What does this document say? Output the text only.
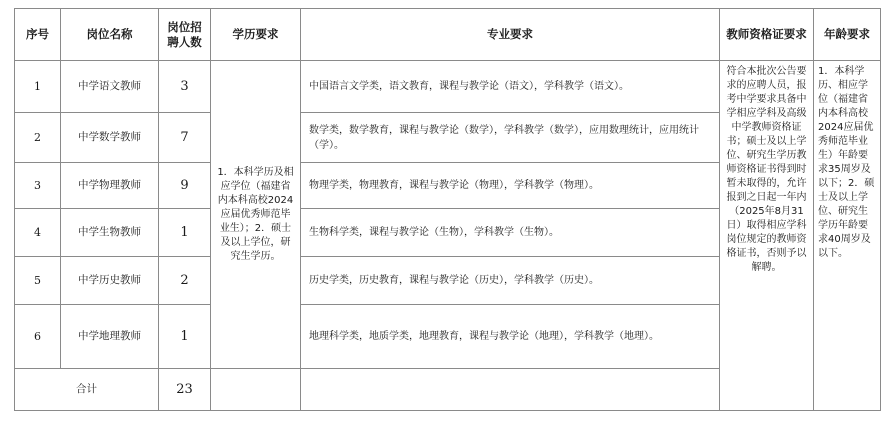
序号	岗位名称	岗位招聘人数	学历要求	专业要求	教师资格证要求	年龄要求
1	中学语文教师	3	1．本科学历及相应学位（福建省内本科高校2024应届优秀师范毕业生）；2．硕士及以上学位，研究生学历。	中国语言文学类，语文教育，课程与教学论（语文），学科教学（语文）。	符合本批次公告要求的应聘人员，报考中学要求具备中学相应学科及高级中学教师资格证书；硕士及以上学位、研究生学历教师资格证书得到时暂未取得的，允许报到之日起一年内（2025年8月31日）取得相应学科岗位规定的教师资格证书，否则予以解聘。	1．本科学历、相应学位（福建省内本科高校2024应届优秀师范毕业生）年龄要求35周岁及以下；2．硕士及以上学位、研究生学历年龄要求40周岁及以下。

2	中学数学教师	7		数学类，数学教育，课程与教学论（数学），学科教学（数学），应用数理统计，应用统计（学）。		
3	中学物理教师	9		物理学类，物理教育，课程与教学论（物理），学科教学（物理）。		
4	中学生物教师	1		生物科学类，课程与教学论（生物），学科教学（生物）。		
5	中学历史教师	2		历史学类，历史教育，课程与教学论（历史），学科教学（历史）。		
6	中学地理教师	1		地理科学类，地质学类，地理教育，课程与教学论（地理），学科教学（地理）。		
合计		23				
